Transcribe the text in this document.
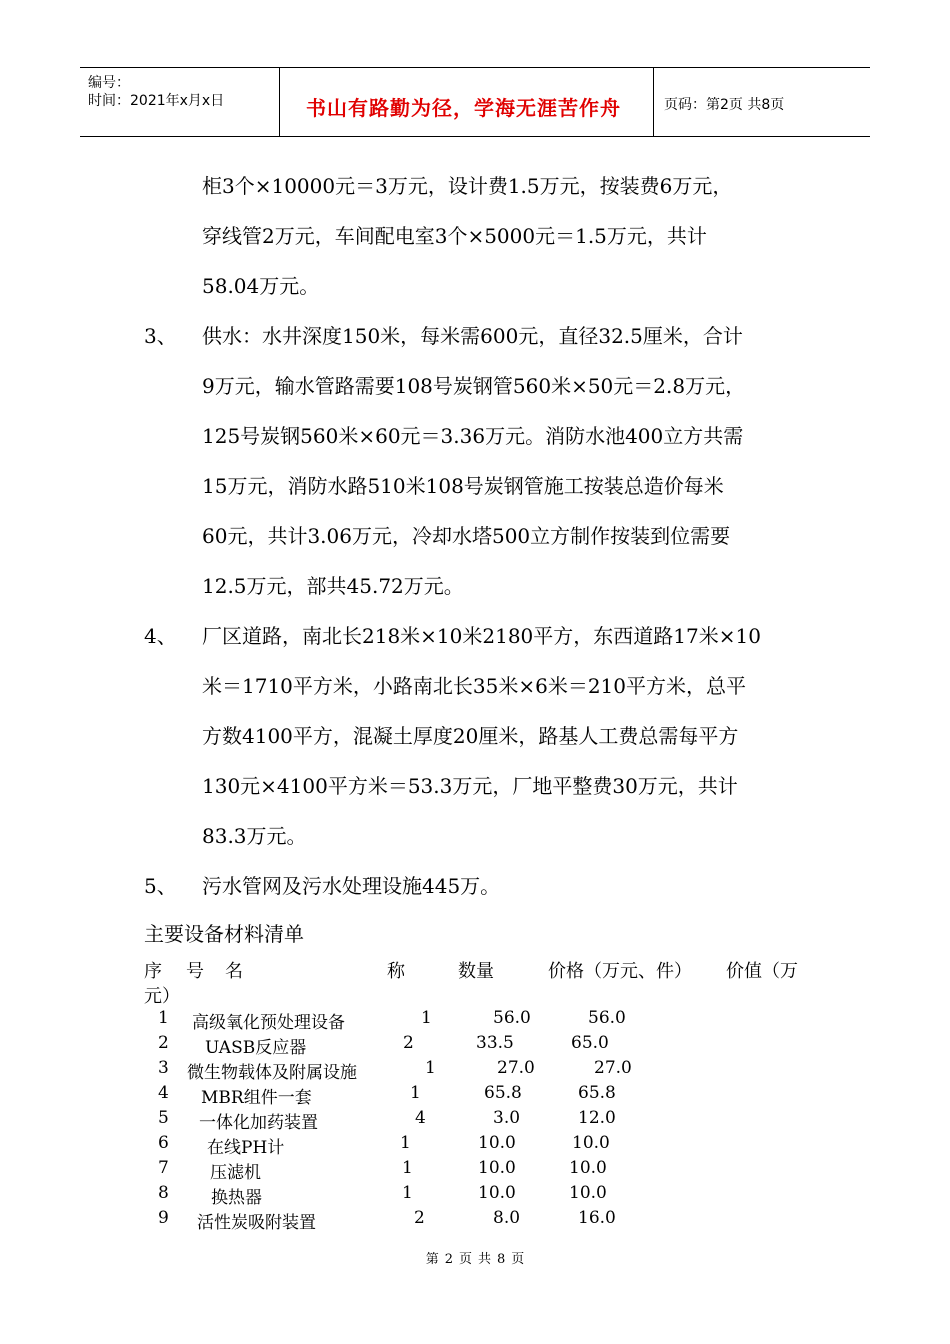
编号：
时间：2021年x月x日	书山有路勤为径，学海无涯苦作舟	页码：第2页 共8页
柜3个×10000元＝3万元，设计费1.5万元，按装费6万元，
穿线管2万元，车间配电室3个×5000元＝1.5万元，共计
58.04万元。
3、 供水：水井深度150米，每米需600元，直径32.5厘米，合计
9万元，输水管路需要108号炭钢管560米×50元＝2.8万元，
125号炭钢560米×60元＝3.36万元。消防水池400立方共需
15万元，消防水路510米108号炭钢管施工按装总造价每米
60元，共计3.06万元，冷却水塔500立方制作按装到位需要
12.5万元，部共45.72万元。
4、 厂区道路，南北长218米×10米2180平方，东西道路17米×10
米＝1710平方米，小路南北长35米×6米＝210平方米，总平
方数4100平方，混凝土厚度20厘米，路基人工费总需每平方
130元×4100平方米＝53.3万元，厂地平整费30万元，共计
83.3万元。
5、 污水管网及污水处理设施445万。
主要设备材料清单
序 号 名	称	数量	价格（万元、件） 价值（万
元）
1 高级氧化预处理设备	1	56.0	56.0
2 UASB反应器	2	33.5	65.0
3 微生物载体及附属设施	1	27.0	27.0
4 MBR组件一套	1	65.8	65.8
5 一体化加药装置	4	3.0	12.0
6 在线PH计	1	10.0	10.0
7 压滤机	1	10.0	10.0
8 换热器	1	10.0	10.0
9 活性炭吸附装置	2	8.0	16.0
第 2 页 共 8 页
